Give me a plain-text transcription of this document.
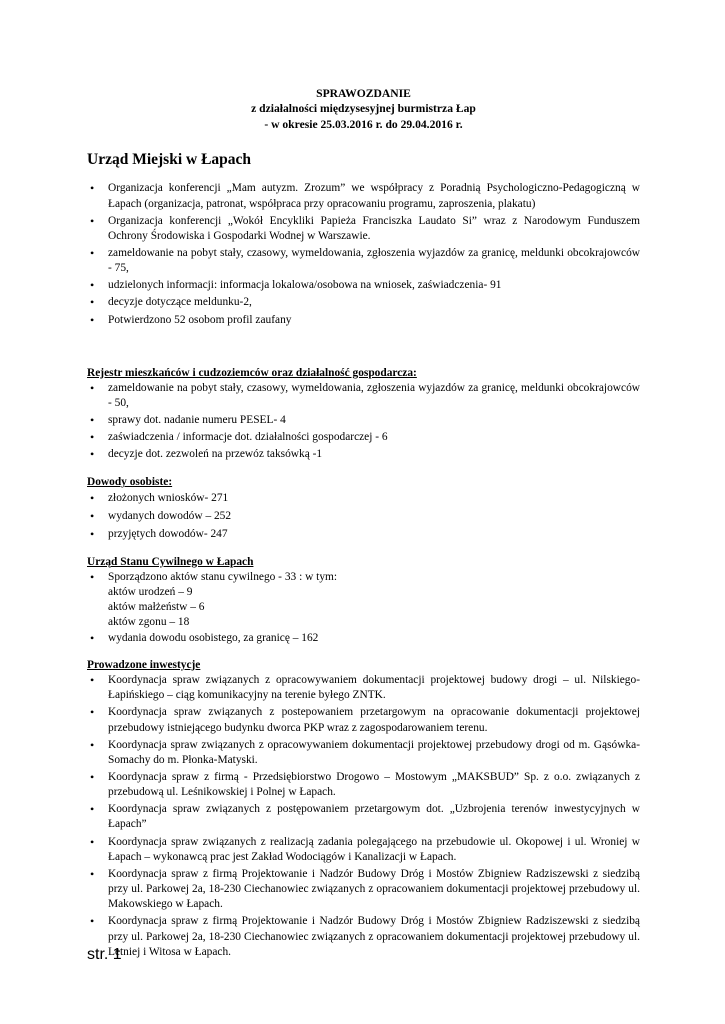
SPRAWOZDANIE
z działalności międzysesyjnej burmistrza Łap
- w okresie 25.03.2016 r. do 29.04.2016 r.
Urząd Miejski w Łapach
• Organizacja konferencji „Mam autyzm. Zrozum” we współpracy z Poradnią Psychologiczno-Pedagogiczną w Łapach (organizacja, patronat, współpraca przy opracowaniu programu, zaproszenia, plakatu)
• Organizacja konferencji „Wokół Encykliki Papieża Franciszka Laudato Si” wraz z Narodowym Funduszem Ochrony Środowiska i Gospodarki Wodnej w Warszawie.
• zameldowanie na pobyt stały, czasowy, wymeldowania, zgłoszenia wyjazdów za granicę, meldunki obcokrajowców - 75,
• udzielonych informacji: informacja lokalowa/osobowa na wniosek, zaświadczenia- 91
• decyzje dotyczące meldunku-2,
• Potwierdzono 52 osobom profil zaufany
Rejestr mieszkańców i cudzoziemców oraz działalność gospodarcza:
• zameldowanie na pobyt stały, czasowy, wymeldowania, zgłoszenia wyjazdów za granicę, meldunki obcokrajowców - 50,
• sprawy dot. nadanie numeru PESEL- 4
• zaświadczenia / informacje dot. działalności gospodarczej - 6
• decyzje dot. zezwoleń na przewóz taksówką -1
Dowody osobiste:
• złożonych wniosków- 271
• wydanych dowodów – 252
• przyjętych dowodów- 247
Urząd Stanu Cywilnego w Łapach
• Sporządzono aktów stanu cywilnego - 33 : w tym:
aktów urodzeń – 9
aktów małżeństw – 6
aktów zgonu – 18
• wydania dowodu osobistego, za granicę – 162
Prowadzone inwestycje
• Koordynacja spraw związanych z opracowywaniem dokumentacji projektowej budowy drogi – ul. Nilskiego-Łapińskiego – ciąg komunikacyjny na terenie byłego ZNTK.
• Koordynacja spraw związanych z postepowaniem przetargowym na opracowanie dokumentacji projektowej przebudowy istniejącego budynku dworca PKP wraz z zagospodarowaniem terenu.
• Koordynacja spraw związanych z opracowywaniem dokumentacji projektowej przebudowy drogi od m. Gąsówka-Somachy do m. Płonka-Matyski.
• Koordynacja spraw z firmą - Przedsiębiorstwo Drogowo – Mostowym „MAKSBUD” Sp. z o.o. związanych z przebudową ul. Leśnikowskiej i Polnej w Łapach.
• Koordynacja spraw związanych z postępowaniem przetargowym dot. „Uzbrojenia terenów inwestycyjnych w Łapach”
• Koordynacja spraw związanych z realizacją zadania polegającego na przebudowie ul. Okopowej i ul. Wroniej w Łapach – wykonawcą prac jest Zakład Wodociągów i Kanalizacji w Łapach.
• Koordynacja spraw z firmą Projektowanie i Nadzór Budowy Dróg i Mostów Zbigniew Radziszewski z siedzibą przy ul. Parkowej 2a, 18-230 Ciechanowiec związanych z opracowaniem dokumentacji projektowej przebudowy ul. Makowskiego w Łapach.
• Koordynacja spraw z firmą Projektowanie i Nadzór Budowy Dróg i Mostów Zbigniew Radziszewski z siedzibą przy ul. Parkowej 2a, 18-230 Ciechanowiec związanych z opracowaniem dokumentacji projektowej przebudowy ul. Letniej i Witosa w Łapach.
str. 1
